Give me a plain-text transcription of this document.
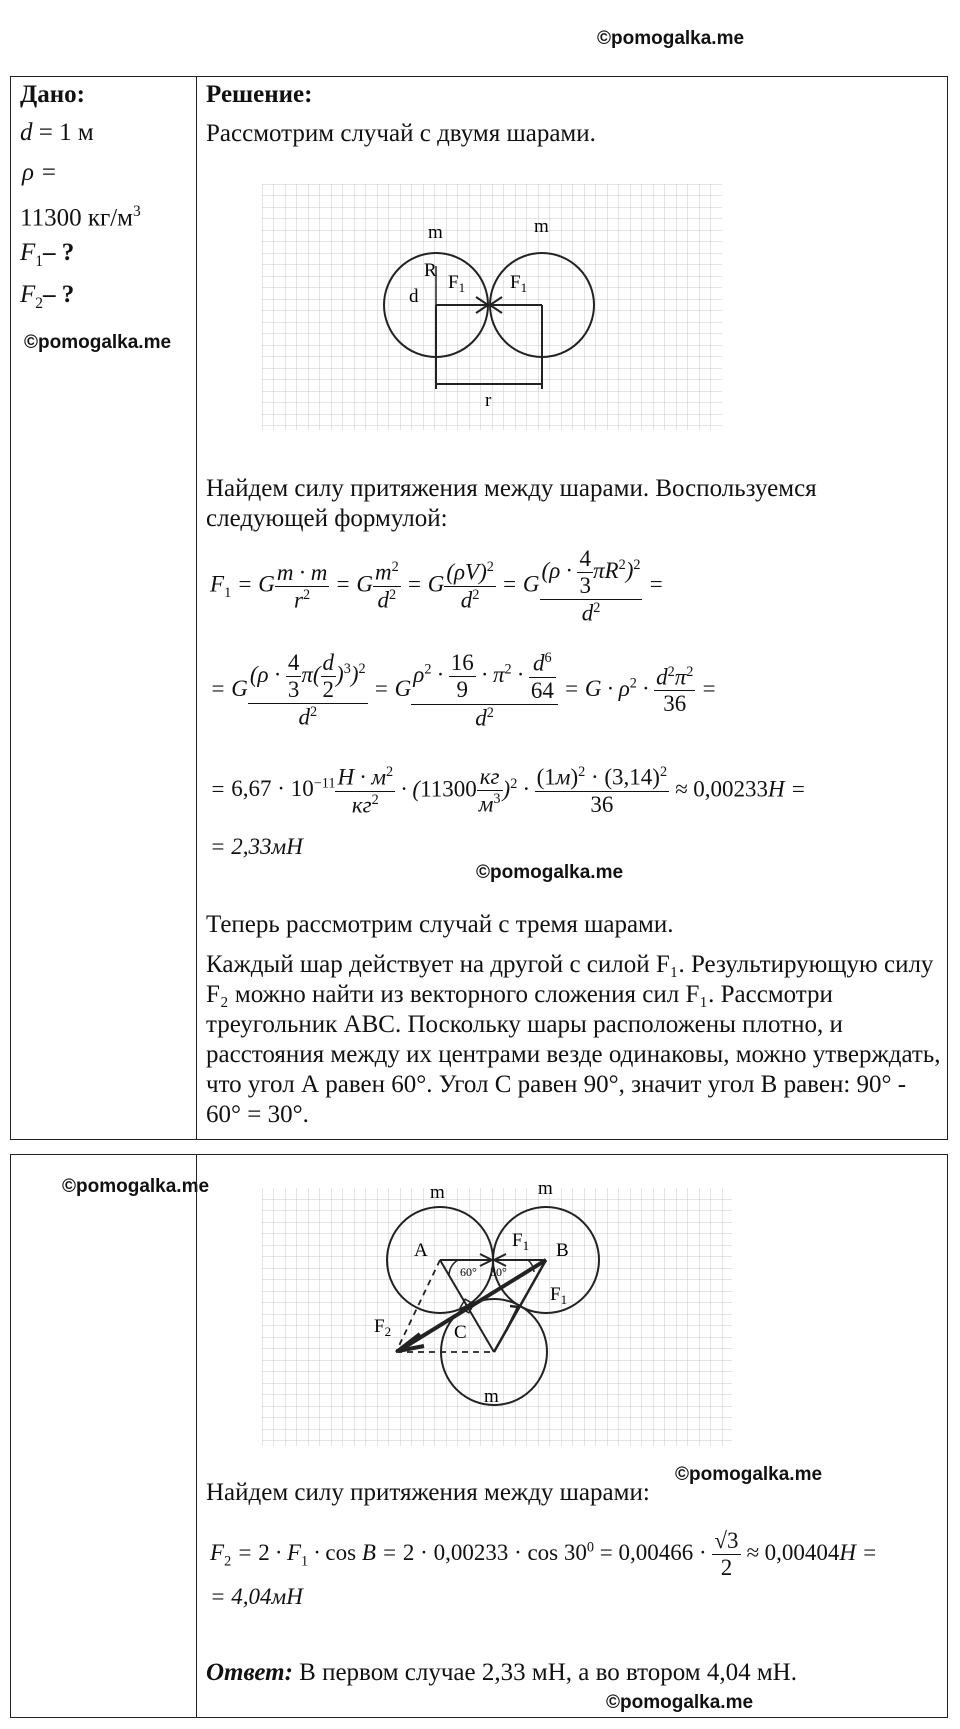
©pomogalka.me
©pomogalka.me
©pomogalka.me
©pomogalka.me
©pomogalka.me
©pomogalka.me
Дано:
d = 1 м
ρ =
11300 $кг/м^3$
$F_1-$ ?
$F_2-$ ?
Решение:
Рассмотрим случай с двумя шарами.
m	m
R
d
$F_1$ $F_1$
r
Найдем силу притяжения между шарами. Воспользуемся следующей формулой:
$F_1 = G \frac{m \cdot m}{r^2} = G \frac{m^2}{d^2} = G \frac{(\rho V)^2}{d^2} = G \frac{(\rho \cdot \frac{4}{3} \pi R^2)^2}{d^2}$ =
= G $\frac{(\rho \cdot \frac{4}{3} \pi( \frac{d}{2} )^3)^2}{d^2} = G \frac{\rho^2 \cdot \frac{16}{9} \cdot \pi^2 \cdot \frac{d^6}{64}}{d^2} = G \cdot \rho^2 \cdot \frac{d^2\pi^2}{36}$ =
= $6,67 \cdot 10^{-11} \frac{Н \cdot м^2}{кг^2} \cdot (11300 \frac{кг}{м^3} )^2 \cdot \frac{(1м)^2 \cdot (3,14)^2}{36} \approx 0,00233H$ =
= 2,33мН
Теперь рассмотрим случай с тремя шарами.
Каждый шар действует на другой с силой F₁. Результирующую силу F₂ можно найти из векторного сложения сил F₁. Рассмотри треугольник АВС. Поскольку шары расположены плотно, и расстояния между их центрами везде одинаковы, можно утверждать, что угол А равен 60°. Угол С равен 90°, значит угол В равен: 90° - 60° = 30°.
m	m
m
A	B
C
60° 30°
$F_1$
$F_1$
$F_2$
Найдем силу притяжения между шарами:
$F_2 = 2 \cdot F_1 \cdot \cos B = 2 \cdot 0,00233 \cdot \cos 30^0 = 0,00466 \cdot \frac{√3}{2} \approx 0,00404H$ =
= 4,04мН
Ответ: В первом случае 2,33 мН, а во втором 4,04 мН.
